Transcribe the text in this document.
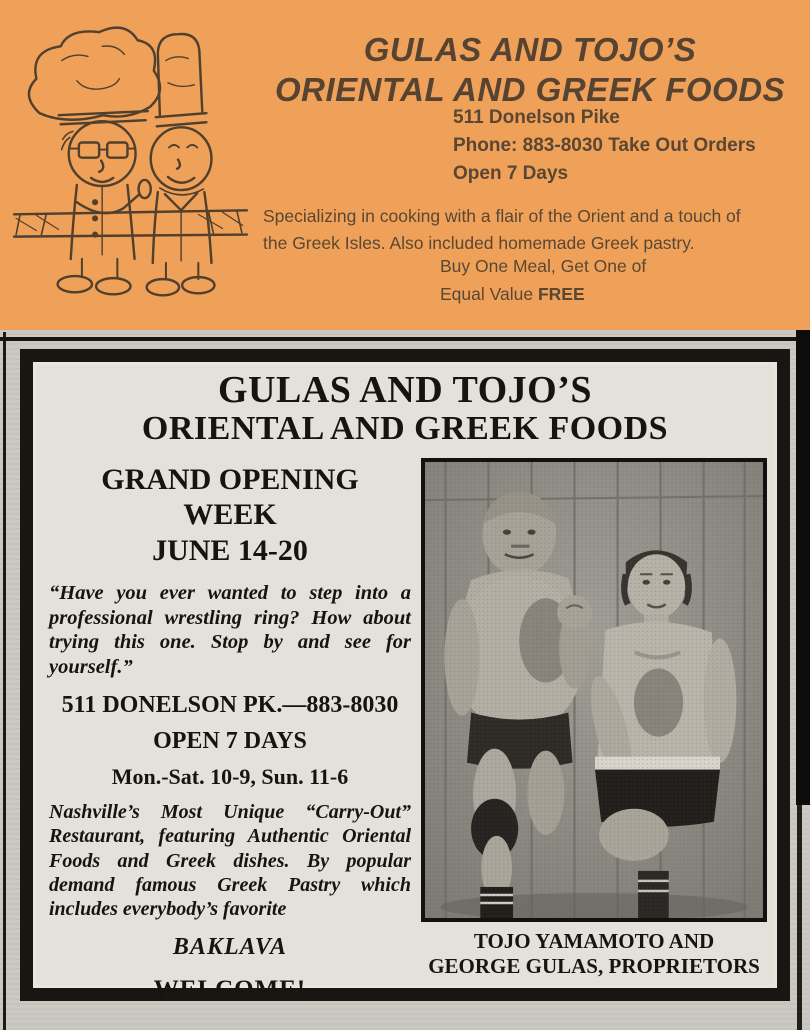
GULAS AND TOJO’S
ORIENTAL AND GREEK FOODS
511 Donelson Pike
Phone: 883-8030 Take Out Orders
Open 7 Days
Specializing in cooking with a flair of the Orient and a touch of
the Greek Isles. Also included homemade Greek pastry.
Buy One Meal, Get One of
Equal Value FREE
GULAS AND TOJO’S
ORIENTAL AND GREEK FOODS
GRAND OPENING
WEEK
JUNE 14-20

“Have you ever wanted to step into a professional wrestling ring? How about trying this one. Stop by and see for yourself.”

511 DONELSON PK.—883-8030
OPEN 7 DAYS
Mon.-Sat. 10-9, Sun. 11-6

Nashville’s Most Unique “Carry-Out” Restaurant, featuring Authentic Oriental Foods and Greek dishes. By popular demand famous Greek Pastry which includes everybody’s favorite

BAKLAVA
WELCOME!
TOJO YAMAMOTO AND
GEORGE GULAS, PROPRIETORS
